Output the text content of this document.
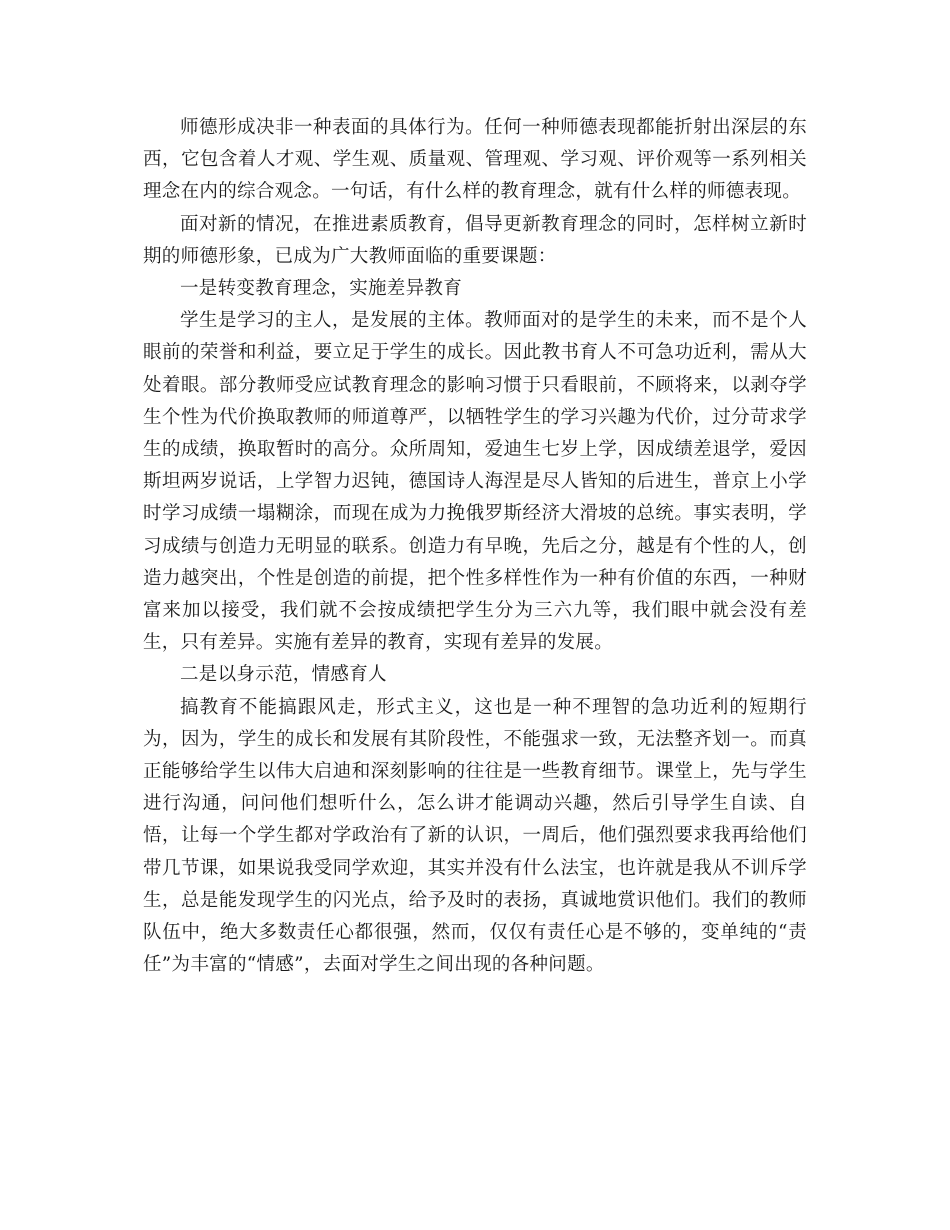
师德形成决非一种表面的具体行为。任何一种师德表现都能折射出深层的东西，它包含着人才观、学生观、质量观、管理观、学习观、评价观等一系列相关理念在内的综合观念。一句话，有什么样的教育理念，就有什么样的师德表现。

面对新的情况，在推进素质教育，倡导更新教育理念的同时，怎样树立新时期的师德形象，已成为广大教师面临的重要课题：

一是转变教育理念，实施差异教育

学生是学习的主人，是发展的主体。教师面对的是学生的未来，而不是个人眼前的荣誉和利益，要立足于学生的成长。因此教书育人不可急功近利，需从大处着眼。部分教师受应试教育理念的影响习惯于只看眼前，不顾将来，以剥夺学生个性为代价换取教师的师道尊严，以牺牲学生的学习兴趣为代价，过分苛求学生的成绩，换取暂时的高分。众所周知，爱迪生七岁上学，因成绩差退学，爱因斯坦两岁说话，上学智力迟钝，德国诗人海涅是尽人皆知的后进生，普京上小学时学习成绩一塌糊涂，而现在成为力挽俄罗斯经济大滑坡的总统。事实表明，学习成绩与创造力无明显的联系。创造力有早晚，先后之分，越是有个性的人，创造力越突出，个性是创造的前提，把个性多样性作为一种有价值的东西，一种财富来加以接受，我们就不会按成绩把学生分为三六九等，我们眼中就会没有差生，只有差异。实施有差异的教育，实现有差异的发展。

二是以身示范，情感育人

搞教育不能搞跟风走，形式主义，这也是一种不理智的急功近利的短期行为，因为，学生的成长和发展有其阶段性，不能强求一致，无法整齐划一。而真正能够给学生以伟大启迪和深刻影响的往往是一些教育细节。课堂上，先与学生进行沟通，问问他们想听什么，怎么讲才能调动兴趣，然后引导学生自读、自悟，让每一个学生都对学政治有了新的认识，一周后，他们强烈要求我再给他们带几节课，如果说我受同学欢迎，其实并没有什么法宝，也许就是我从不训斥学生，总是能发现学生的闪光点，给予及时的表扬，真诚地赏识他们。我们的教师队伍中，绝大多数责任心都很强，然而，仅仅有责任心是不够的，变单纯的“责任”为丰富的“情感”，去面对学生之间出现的各种问题。
